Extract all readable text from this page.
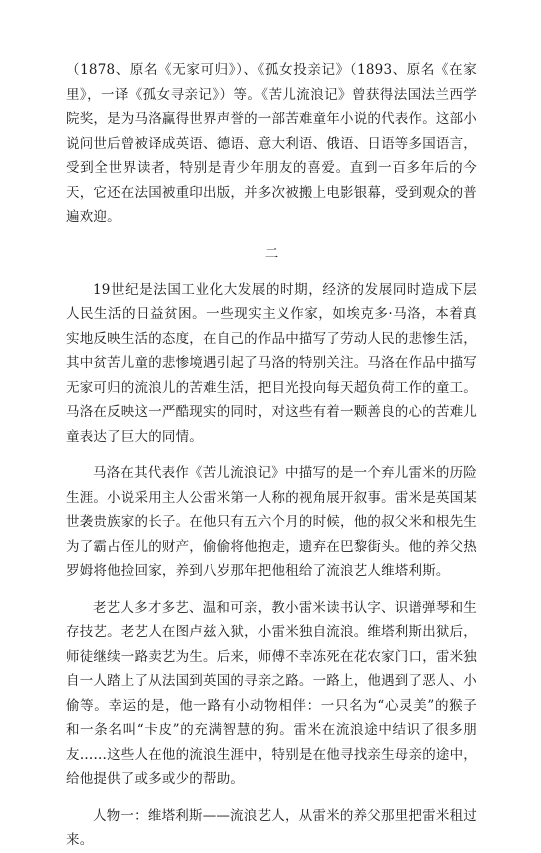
（1878、原名《无家可归》）、《孤女投亲记》（1893、原名《在家里》，一译《孤女寻亲记》）等。《苦儿流浪记》曾获得法国法兰西学院奖，是为马洛赢得世界声誉的一部苦难童年小说的代表作。这部小说问世后曾被译成英语、德语、意大利语、俄语、日语等多国语言，受到全世界读者，特别是青少年朋友的喜爱。直到一百多年后的今天，它还在法国被重印出版，并多次被搬上电影银幕，受到观众的普遍欢迎。

二

19世纪是法国工业化大发展的时期，经济的发展同时造成下层人民生活的日益贫困。一些现实主义作家，如埃克多·马洛，本着真实地反映生活的态度，在自己的作品中描写了劳动人民的悲惨生活，其中贫苦儿童的悲惨境遇引起了马洛的特别关注。马洛在作品中描写无家可归的流浪儿的苦难生活，把目光投向每天超负荷工作的童工。马洛在反映这一严酷现实的同时，对这些有着一颗善良的心的苦难儿童表达了巨大的同情。

马洛在其代表作《苦儿流浪记》中描写的是一个弃儿雷米的历险生涯。小说采用主人公雷米第一人称的视角展开叙事。雷米是英国某世袭贵族家的长子。在他只有五六个月的时候，他的叔父米和根先生为了霸占侄儿的财产，偷偷将他抱走，遗弃在巴黎街头。他的养父热罗姆将他捡回家，养到八岁那年把他租给了流浪艺人维塔利斯。

老艺人多才多艺、温和可亲，教小雷米读书认字、识谱弹琴和生存技艺。老艺人在图卢兹入狱，小雷米独自流浪。维塔利斯出狱后，师徒继续一路卖艺为生。后来，师傅不幸冻死在花农家门口，雷米独自一人踏上了从法国到英国的寻亲之路。一路上，他遇到了恶人、小偷等。幸运的是，他一路有小动物相伴：一只名为“心灵美”的猴子和一条名叫“卡皮”的充满智慧的狗。雷米在流浪途中结识了很多朋友……这些人在他的流浪生涯中，特别是在他寻找亲生母亲的途中，给他提供了或多或少的帮助。

人物一：维塔利斯——流浪艺人，从雷米的养父那里把雷米租过来。
